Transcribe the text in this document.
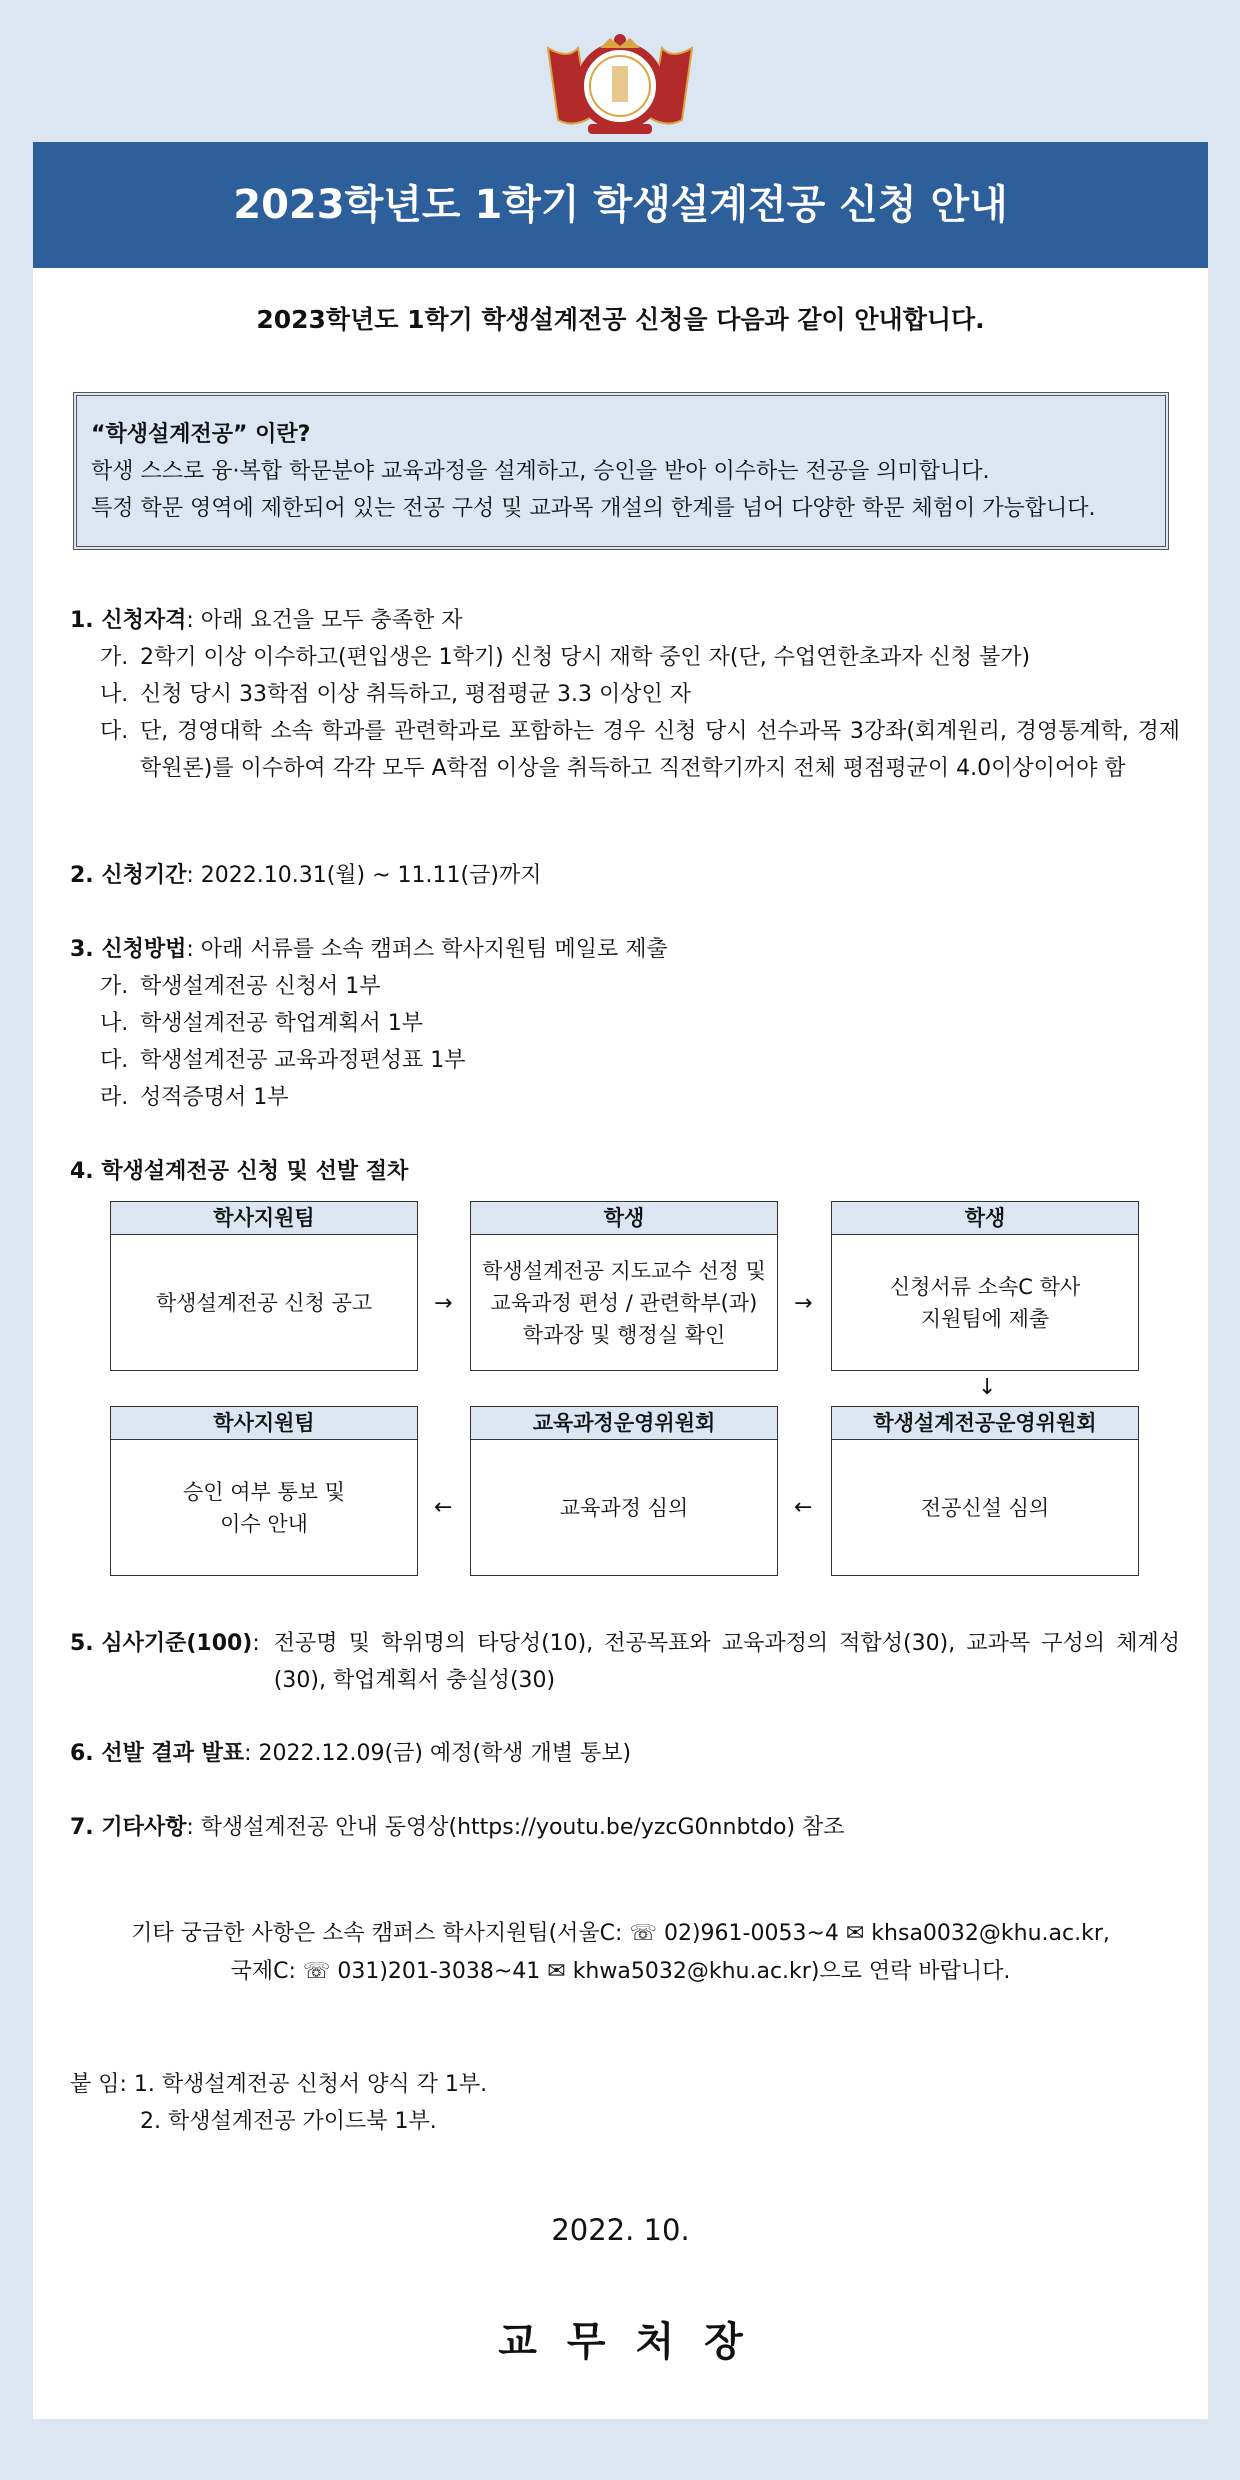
2023학년도 1학기 학생설계전공 신청 안내
2023학년도 1학기 학생설계전공 신청을 다음과 같이 안내합니다.
“학생설계전공” 이란?
학생 스스로 융·복합 학문분야 교육과정을 설계하고, 승인을 받아 이수하는 전공을 의미합니다.
특정 학문 영역에 제한되어 있는 전공 구성 및 교과목 개설의 한계를 넘어 다양한 학문 체험이 가능합니다.
1. 신청자격: 아래 요건을 모두 충족한 자
가. 2학기 이상 이수하고(편입생은 1학기) 신청 당시 재학 중인 자(단, 수업연한초과자 신청 불가)
나. 신청 당시 33학점 이상 취득하고, 평점평균 3.3 이상인 자
다. 단, 경영대학 소속 학과를 관련학과로 포함하는 경우 신청 당시 선수과목 3강좌(회계원리, 경영통계학, 경제학원론)를 이수하여 각각 모두 A학점 이상을 취득하고 직전학기까지 전체 평점평균이 4.0이상이어야 함
2. 신청기간: 2022.10.31(월) ~ 11.11(금)까지
3. 신청방법: 아래 서류를 소속 캠퍼스 학사지원팀 메일로 제출
가. 학생설계전공 신청서 1부
나. 학생설계전공 학업계획서 1부
다. 학생설계전공 교육과정편성표 1부
라. 성적증명서 1부
4. 학생설계전공 신청 및 선발 절차
학사지원팀
학생설계전공 신청 공고
학생
학생설계전공 지도교수 선정 및 교육과정 편성 / 관련학부(과) 학과장 및 행정실 확인
학생
신청서류 소속C 학사지원팀에 제출
학생설계전공운영위원회
전공신설 심의
교육과정운영위원회
교육과정 심의
학사지원팀
승인 여부 통보 및 이수 안내
→	→
↓
←
←
5. 심사기준(100) : 전공명 및 학위명의 타당성(10), 전공목표와 교육과정의 적합성(30), 교과목 구성의 체계성(30), 학업계획서 충실성(30)
6. 선발 결과 발표: 2022.12.09(금) 예정(학생 개별 통보)
7. 기타사항: 학생설계전공 안내 동영상(https://youtu.be/yzcG0nnbtdo) 참조
기타 궁금한 사항은 소속 캠퍼스 학사지원팀(서울C: ☏ 02)961-0053~4 ✉ khsa0032@khu.ac.kr,
국제C: ☏ 031)201-3038~41 ✉ khwa5032@khu.ac.kr)으로 연락 바랍니다.
붙 임: 1. 학생설계전공 신청서 양식 각 1부.
2. 학생설계전공 가이드북 1부.
2022. 10.
교무처장
